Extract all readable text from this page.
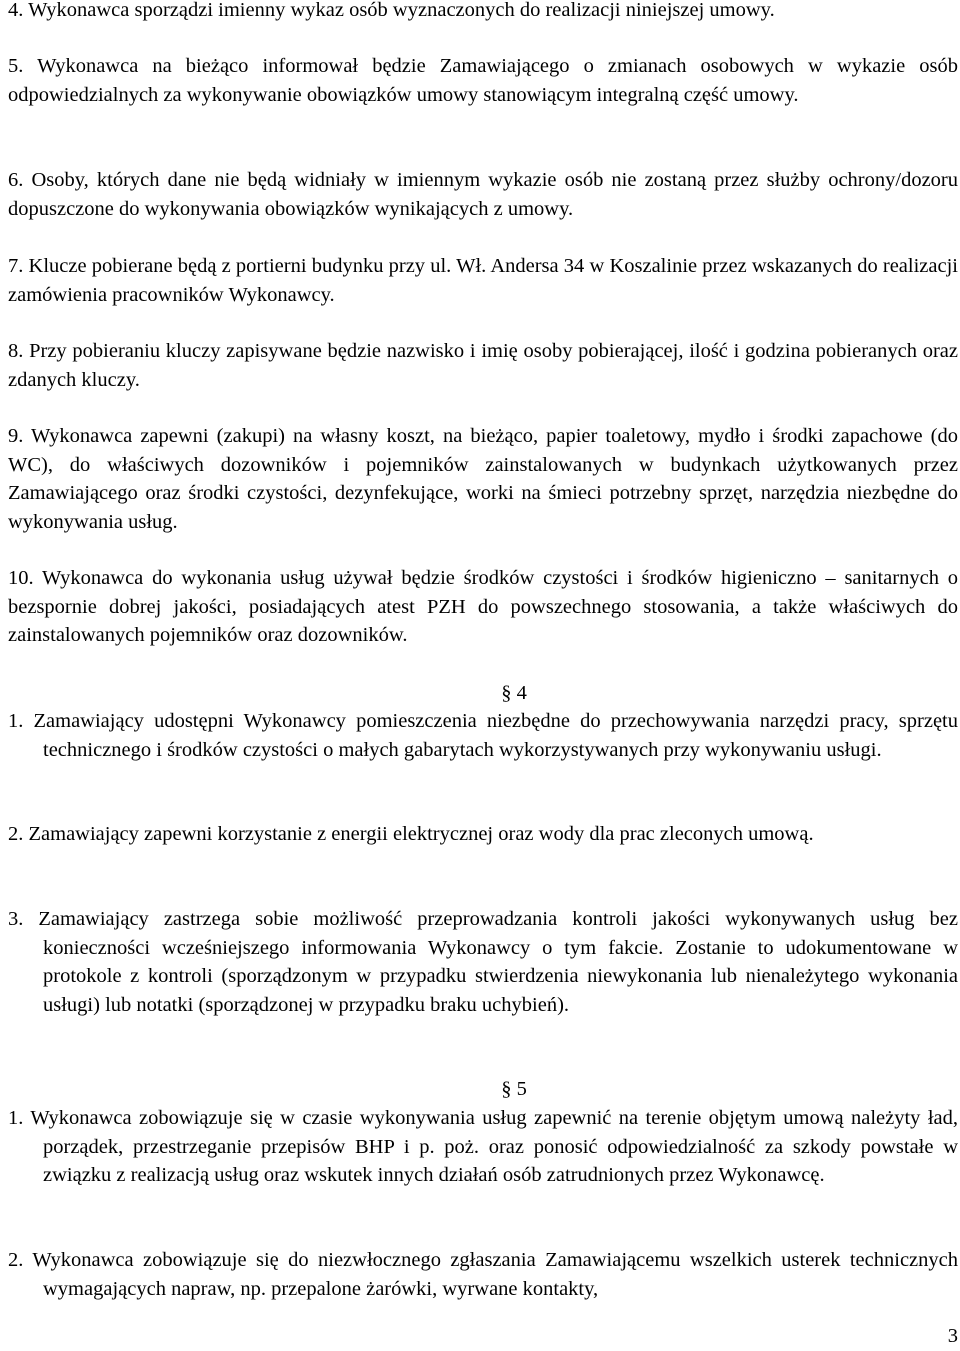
4. Wykonawca sporządzi imienny wykaz osób wyznaczonych do realizacji niniejszej umowy.

5. Wykonawca na bieżąco informował będzie Zamawiającego o zmianach osobowych w wykazie osób odpowiedzialnych za wykonywanie obowiązków umowy stanowiącym integralną część umowy.

6. Osoby, których dane nie będą widniały w imiennym wykazie osób nie zostaną przez służby ochrony/dozoru dopuszczone do wykonywania obowiązków wynikających z umowy.

7. Klucze pobierane będą z portierni budynku przy ul. Wł. Andersa 34 w Koszalinie przez wskazanych do realizacji zamówienia pracowników Wykonawcy.

8. Przy pobieraniu kluczy zapisywane będzie nazwisko i imię osoby pobierającej, ilość i godzina pobieranych oraz zdanych kluczy.

9. Wykonawca zapewni (zakupi) na własny koszt, na bieżąco, papier toaletowy, mydło i środki zapachowe (do WC), do właściwych dozowników i pojemników zainstalowanych w budynkach użytkowanych przez Zamawiającego oraz środki czystości, dezynfekujące, worki na śmieci potrzebny sprzęt, narzędzia niezbędne do wykonywania usług.

10. Wykonawca do wykonania usług używał będzie środków czystości i środków higieniczno – sanitarnych o bezspornie dobrej jakości, posiadających atest PZH do powszechnego stosowania, a także właściwych do zainstalowanych pojemników oraz dozowników.

§ 4

1. Zamawiający udostępni Wykonawcy pomieszczenia niezbędne do przechowywania narzędzi pracy, sprzętu technicznego i środków czystości o małych gabarytach wykorzystywanych przy wykonywaniu usługi.

2. Zamawiający zapewni korzystanie z energii elektrycznej oraz wody dla prac zleconych umową.

3. Zamawiający zastrzega sobie możliwość przeprowadzania kontroli jakości wykonywanych usług bez konieczności wcześniejszego informowania Wykonawcy o tym fakcie. Zostanie to udokumentowane w protokole z kontroli (sporządzonym w przypadku stwierdzenia niewykonania lub nienależytego wykonania usługi) lub notatki (sporządzonej w przypadku braku uchybień).

§ 5

1. Wykonawca zobowiązuje się w czasie wykonywania usług zapewnić na terenie objętym umową należyty ład, porządek, przestrzeganie przepisów BHP i p. poż. oraz ponosić odpowiedzialność za szkody powstałe w związku z realizacją usług oraz wskutek innych działań osób zatrudnionych przez Wykonawcę.

2. Wykonawca zobowiązuje się do niezwłocznego zgłaszania Zamawiającemu wszelkich usterek technicznych wymagających napraw, np. przepalone żarówki, wyrwane kontakty,

3
